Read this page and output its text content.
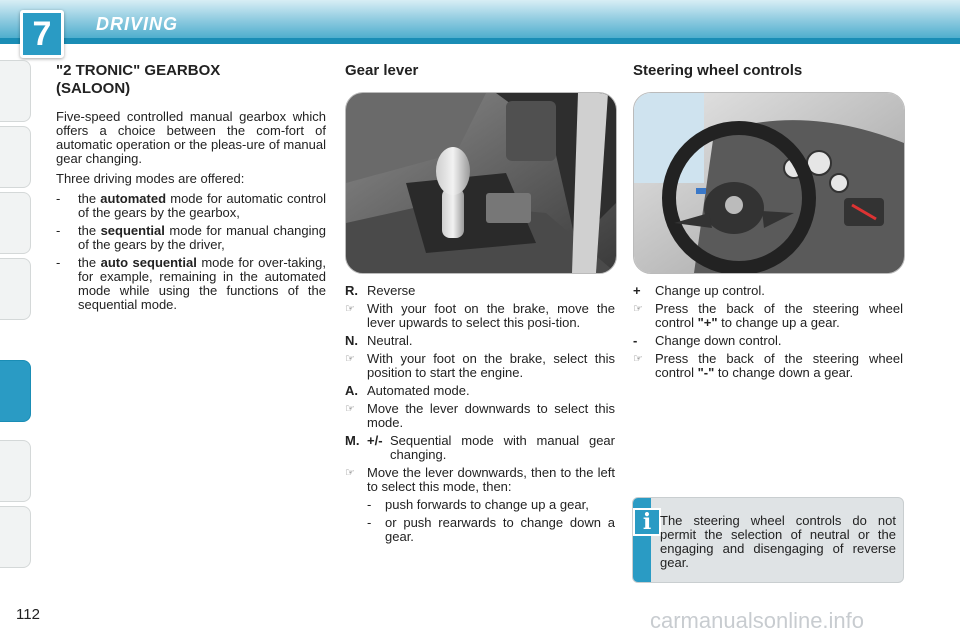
7	DRIVING
"2 TRONIC" GEARBOX
(SALOON)

Five-speed controlled manual gearbox which offers a choice between the com-fort of automatic operation or the pleas-ure of manual gear changing.

Three driving modes are offered:

- the automated mode for automatic control of the gears by the gearbox,
- the sequential mode for manual changing of the gears by the driver,
- the auto sequential mode for over-taking, for example, remaining in the automated mode while using the functions of the sequential mode.
Gear lever
R. Reverse
☞ With your foot on the brake, move the lever upwards to select this posi-tion.
N. Neutral.
☞ With your foot on the brake, select this position to start the engine.
A. Automated mode.
☞ Move the lever downwards to select this mode.
M. +/- Sequential mode with manual gear changing.
☞ Move the lever downwards, then to the left to select this mode, then:
- push forwards to change up a gear,
- or push rearwards to change down a gear.
Steering wheel controls
+ Change up control.
☞ Press the back of the steering wheel control "+" to change up a gear.
- Change down control.
☞ Press the back of the steering wheel control "-" to change down a gear.
i The steering wheel controls do not permit the selection of neutral or the engaging and disengaging of reverse gear.
112	carmanualsonline.info
